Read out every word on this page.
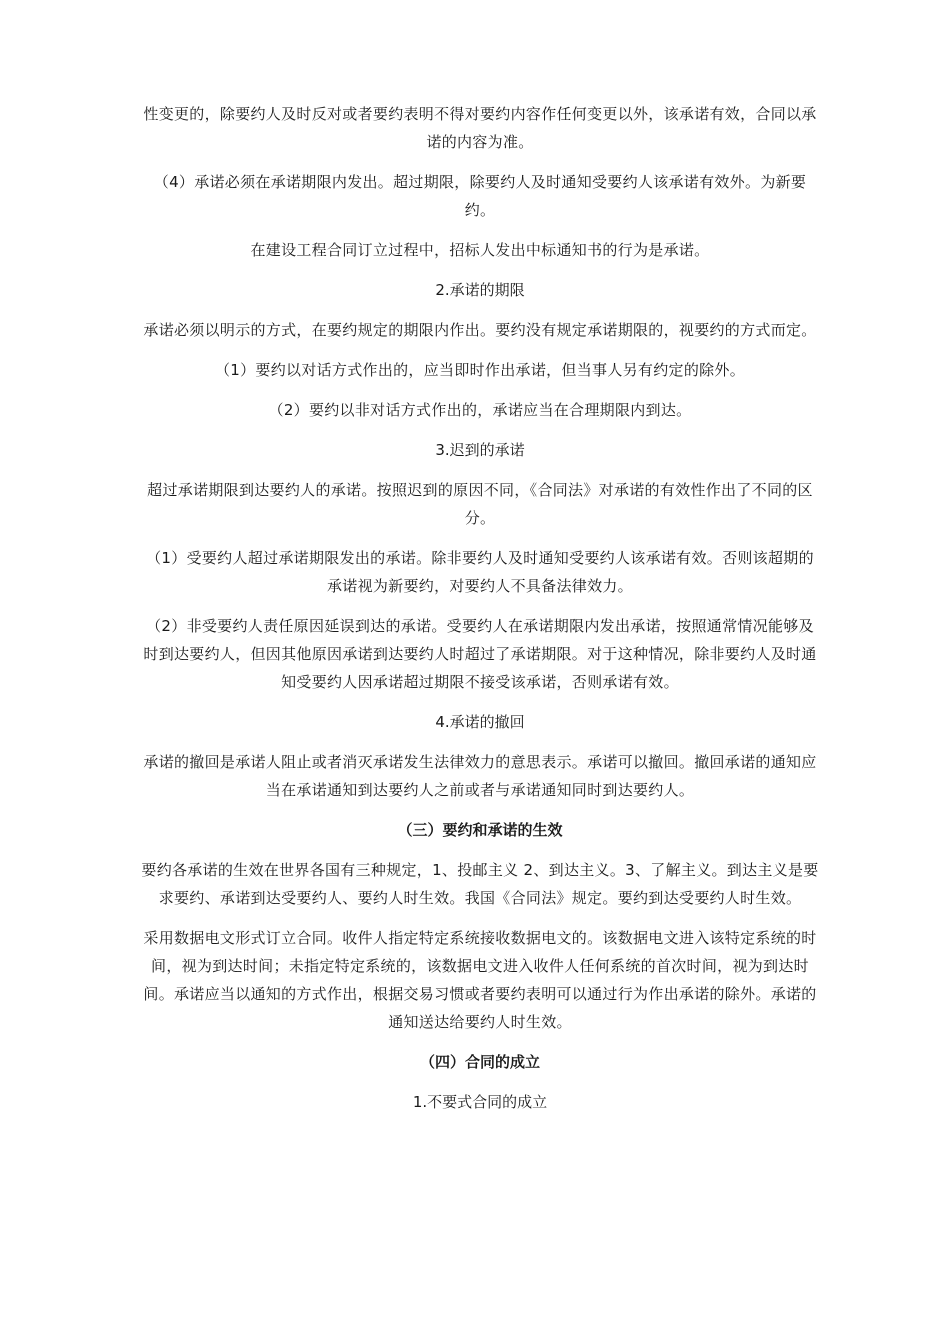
性变更的，除要约人及时反对或者要约表明不得对要约内容作任何变更以外，该承诺有效，合同以承诺的内容为准。

（4）承诺必须在承诺期限内发出。超过期限，除要约人及时通知受要约人该承诺有效外。为新要约。

在建设工程合同订立过程中，招标人发出中标通知书的行为是承诺。

2.承诺的期限

承诺必须以明示的方式，在要约规定的期限内作出。要约没有规定承诺期限的，视要约的方式而定。

（1）要约以对话方式作出的，应当即时作出承诺，但当事人另有约定的除外。

（2）要约以非对话方式作出的，承诺应当在合理期限内到达。

3.迟到的承诺

超过承诺期限到达要约人的承诺。按照迟到的原因不同，《合同法》对承诺的有效性作出了不同的区分。

（1）受要约人超过承诺期限发出的承诺。除非要约人及时通知受要约人该承诺有效。否则该超期的承诺视为新要约，对要约人不具备法律效力。

（2）非受要约人责任原因延误到达的承诺。受要约人在承诺期限内发出承诺，按照通常情况能够及时到达要约人，但因其他原因承诺到达要约人时超过了承诺期限。对于这种情况，除非要约人及时通知受要约人因承诺超过期限不接受该承诺，否则承诺有效。

4.承诺的撤回

承诺的撤回是承诺人阻止或者消灭承诺发生法律效力的意思表示。承诺可以撤回。撤回承诺的通知应当在承诺通知到达要约人之前或者与承诺通知同时到达要约人。

（三）要约和承诺的生效

要约各承诺的生效在世界各国有三种规定，1、投邮主义 2、到达主义。3、了解主义。到达主义是要求要约、承诺到达受要约人、要约人时生效。我国《合同法》规定。要约到达受要约人时生效。

采用数据电文形式订立合同。收件人指定特定系统接收数据电文的。该数据电文进入该特定系统的时间，视为到达时间；未指定特定系统的，该数据电文进入收件人任何系统的首次时间，视为到达时间。承诺应当以通知的方式作出，根据交易习惯或者要约表明可以通过行为作出承诺的除外。承诺的通知送达给要约人时生效。

（四）合同的成立

1.不要式合同的成立
